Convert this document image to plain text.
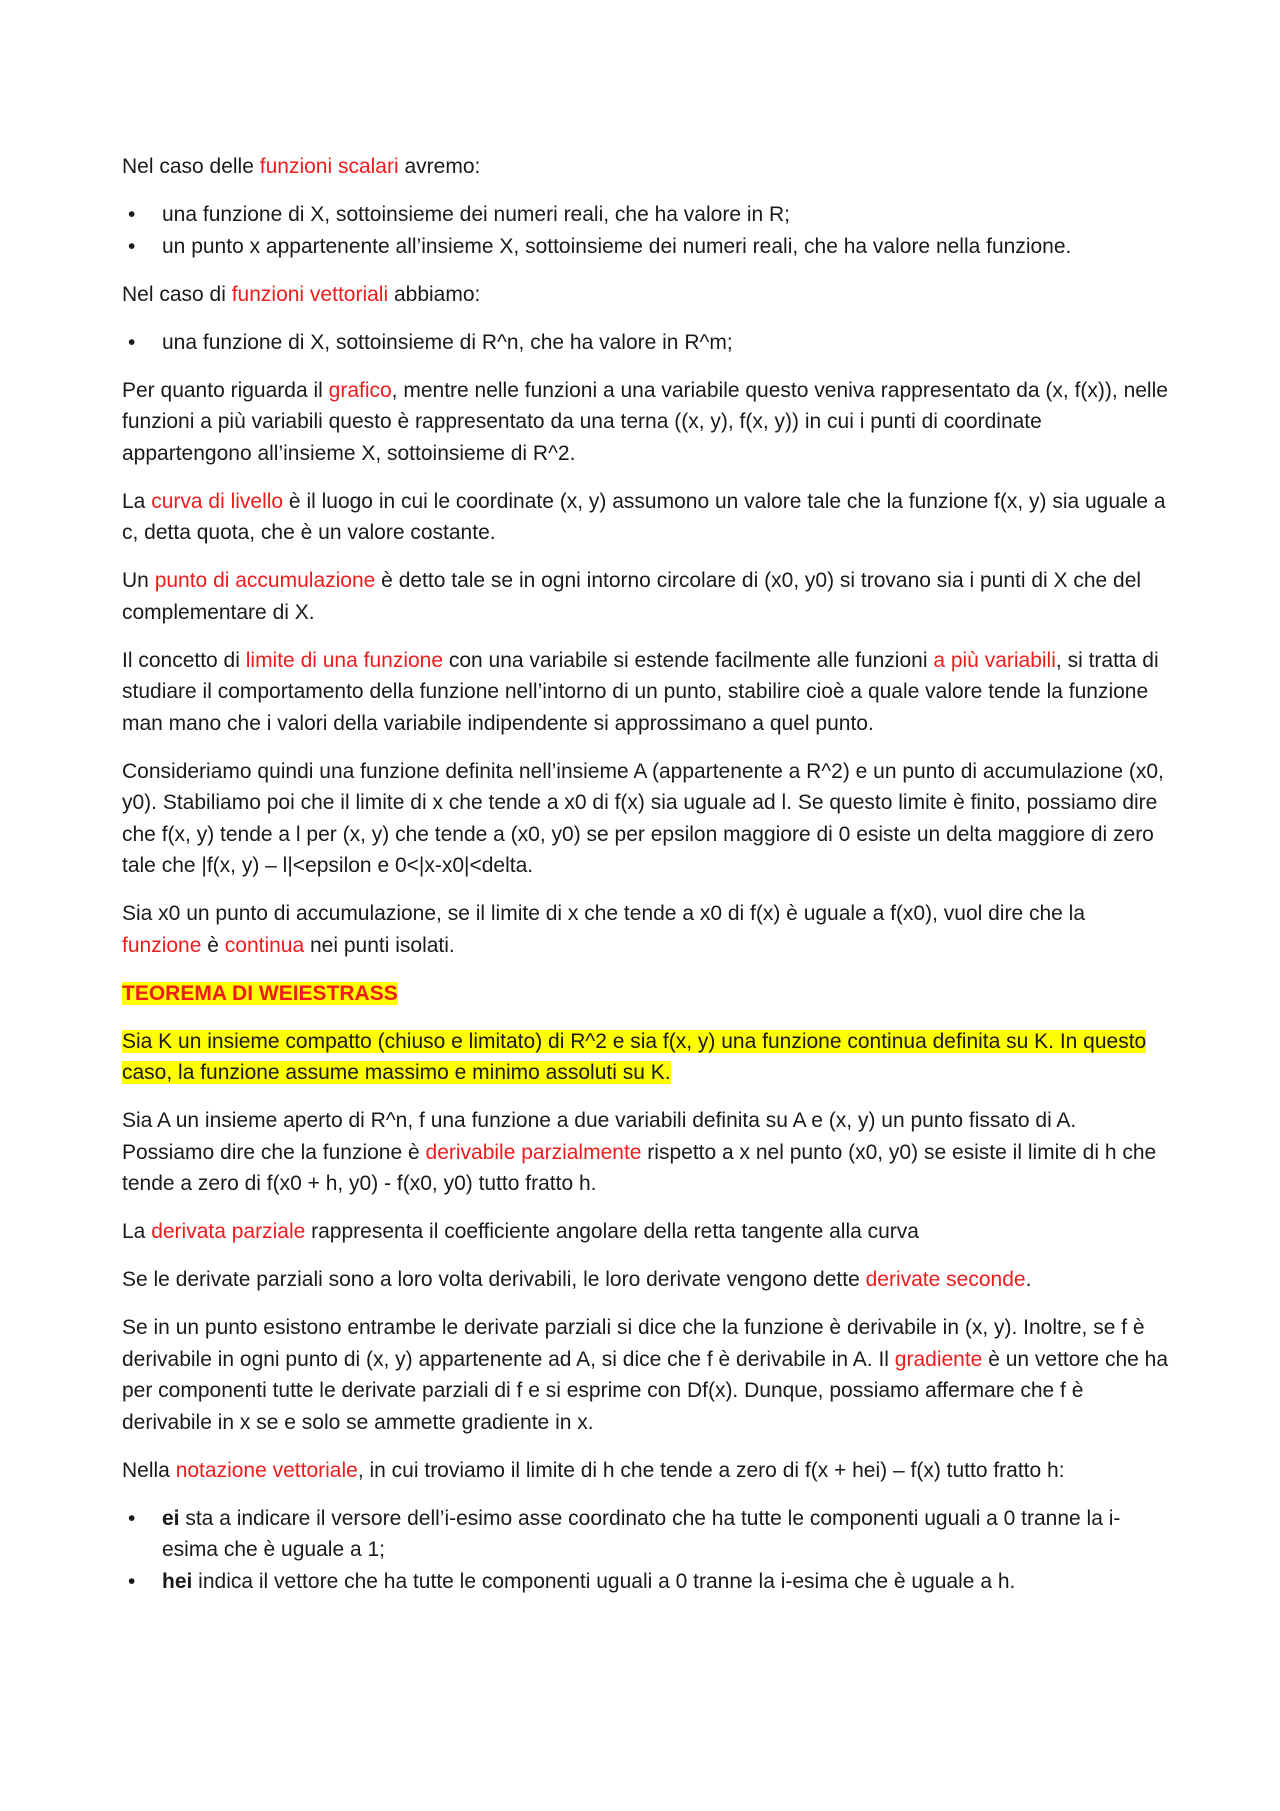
Nel caso delle funzioni scalari avremo:

• una funzione di X, sottoinsieme dei numeri reali, che ha valore in R;
• un punto x appartenente all’insieme X, sottoinsieme dei numeri reali, che ha valore nella funzione.

Nel caso di funzioni vettoriali abbiamo:

• una funzione di X, sottoinsieme di R^n, che ha valore in R^m;

Per quanto riguarda il grafico, mentre nelle funzioni a una variabile questo veniva rappresentato da (x, f(x)), nelle funzioni a più variabili questo è rappresentato da una terna ((x, y), f(x, y)) in cui i punti di coordinate appartengono all’insieme X, sottoinsieme di R^2.

La curva di livello è il luogo in cui le coordinate (x, y) assumono un valore tale che la funzione f(x, y) sia uguale a c, detta quota, che è un valore costante.

Un punto di accumulazione è detto tale se in ogni intorno circolare di (x0, y0) si trovano sia i punti di X che del complementare di X.

Il concetto di limite di una funzione con una variabile si estende facilmente alle funzioni a più variabili, si tratta di studiare il comportamento della funzione nell’intorno di un punto, stabilire cioè a quale valore tende la funzione man mano che i valori della variabile indipendente si approssimano a quel punto.

Consideriamo quindi una funzione definita nell’insieme A (appartenente a R^2) e un punto di accumulazione (x0, y0). Stabiliamo poi che il limite di x che tende a x0 di f(x) sia uguale ad l. Se questo limite è finito, possiamo dire che f(x, y) tende a l per (x, y) che tende a (x0, y0) se per epsilon maggiore di 0 esiste un delta maggiore di zero tale che |f(x, y) – l|<epsilon e 0<|x-x0|<delta.

Sia x0 un punto di accumulazione, se il limite di x che tende a x0 di f(x) è uguale a f(x0), vuol dire che la funzione è continua nei punti isolati.

TEOREMA DI WEIESTRASS

Sia K un insieme compatto (chiuso e limitato) di R^2 e sia f(x, y) una funzione continua definita su K. In questo caso, la funzione assume massimo e minimo assoluti su K.

Sia A un insieme aperto di R^n, f una funzione a due variabili definita su A e (x, y) un punto fissato di A. Possiamo dire che la funzione è derivabile parzialmente rispetto a x nel punto (x0, y0) se esiste il limite di h che tende a zero di f(x0 + h, y0) - f(x0, y0) tutto fratto h.

La derivata parziale rappresenta il coefficiente angolare della retta tangente alla curva

Se le derivate parziali sono a loro volta derivabili, le loro derivate vengono dette derivate seconde.

Se in un punto esistono entrambe le derivate parziali si dice che la funzione è derivabile in (x, y). Inoltre, se f è derivabile in ogni punto di (x, y) appartenente ad A, si dice che f è derivabile in A. Il gradiente è un vettore che ha per componenti tutte le derivate parziali di f e si esprime con Df(x). Dunque, possiamo affermare che f è derivabile in x se e solo se ammette gradiente in x.

Nella notazione vettoriale, in cui troviamo il limite di h che tende a zero di f(x + hei) – f(x) tutto fratto h:

• ei sta a indicare il versore dell’i-esimo asse coordinato che ha tutte le componenti uguali a 0 tranne la i-esima che è uguale a 1;
• hei indica il vettore che ha tutte le componenti uguali a 0 tranne la i-esima che è uguale a h.
